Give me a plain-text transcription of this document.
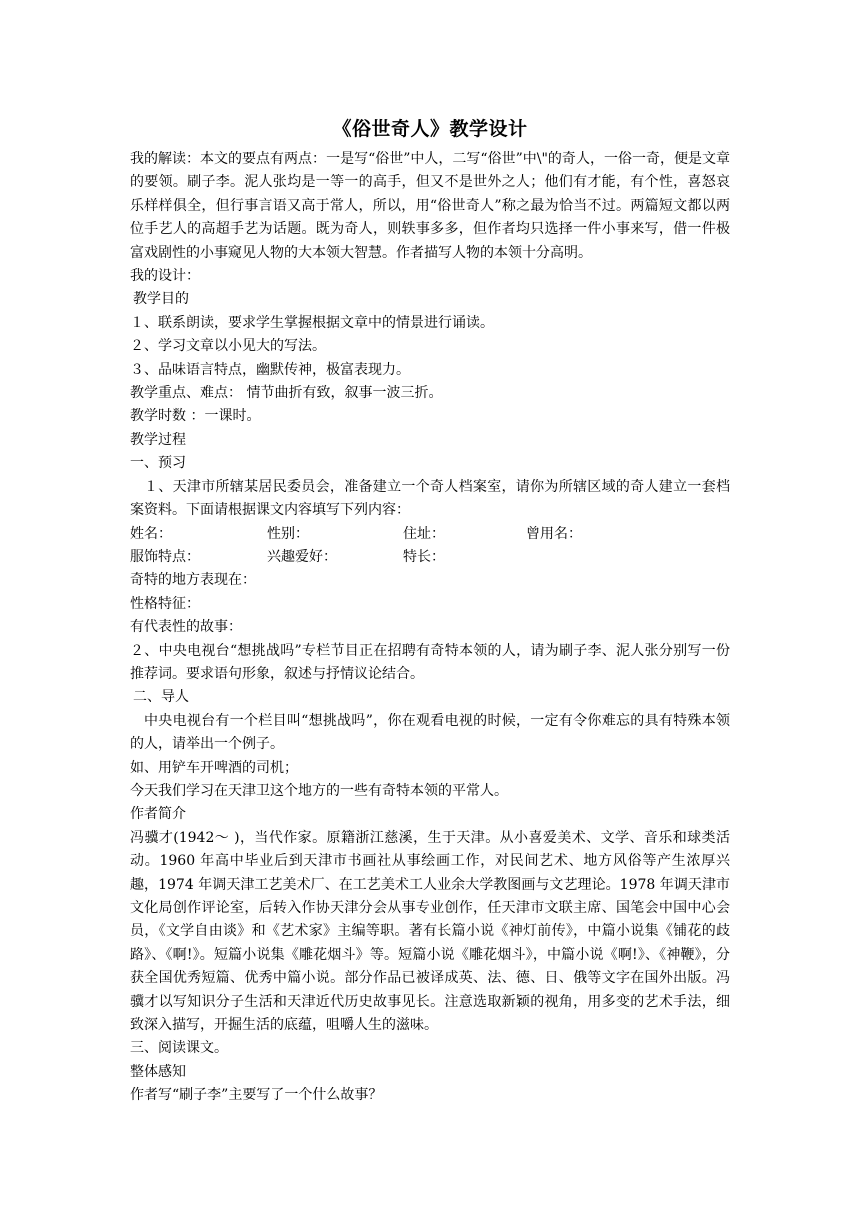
《俗世奇人》教学设计

我的解读：本文的要点有两点：一是写“俗世”中人，二写“俗世”中\"的奇人，一俗一奇，便是文章的要领。刷子李。泥人张均是一等一的高手，但又不是世外之人；他们有才能，有个性，喜怒哀乐样样俱全，但行事言语又高于常人，所以，用“俗世奇人”称之最为恰当不过。两篇短文都以两位手艺人的高超手艺为话题。既为奇人，则轶事多多，但作者均只选择一件小事来写，借一件极富戏剧性的小事窥见人物的大本领大智慧。作者描写人物的本领十分高明。

我的设计：

教学目的

１、联系朗读，要求学生掌握根据文章中的情景进行诵读。

２、学习文章以小见大的写法。

３、品味语言特点，幽默传神，极富表现力。

教学重点、难点： 情节曲折有致，叙事一波三折。

教学时数 ：一课时。

教学过程

一、预习

１、天津市所辖某居民委员会，准备建立一个奇人档案室，请你为所辖区域的奇人建立一套档案资料。下面请根据课文内容填写下列内容：

姓名：	性别：	住址：	曾用名：
服饰特点：	兴趣爱好：	特长：

奇特的地方表现在：

性格特征：

有代表性的故事：

２、中央电视台“想挑战吗”专栏节目正在招聘有奇特本领的人，请为刷子李、泥人张分别写一份推荐词。要求语句形象，叙述与抒情议论结合。

二、导人

中央电视台有一个栏目叫“想挑战吗”，你在观看电视的时候，一定有令你难忘的具有特殊本领的人，请举出一个例子。

如、用铲车开啤酒的司机；

今天我们学习在天津卫这个地方的一些有奇特本领的平常人。

作者简介

冯骥才(1942～ )，当代作家。原籍浙江慈溪，生于天津。从小喜爱美术、文学、音乐和球类活动。1960 年高中毕业后到天津市书画社从事绘画工作，对民间艺术、地方风俗等产生浓厚兴趣，1974 年调天津工艺美术厂、在工艺美术工人业余大学教图画与文艺理论。1978 年调天津市文化局创作评论室，后转入作协天津分会从事专业创作，任天津市文联主席、国笔会中国中心会员，《文学自由谈》和《艺术家》主编等职。著有长篇小说《神灯前传》，中篇小说集《铺花的歧路》、《啊!》。短篇小说集《雕花烟斗》等。短篇小说《雕花烟斗》，中篇小说《啊!》、《神鞭》，分获全国优秀短篇、优秀中篇小说。部分作品已被译成英、法、德、日、俄等文字在国外出版。冯骥才以写知识分子生活和天津近代历史故事见长。注意选取新颖的视角，用多变的艺术手法，细致深入描写，开掘生活的底蕴，咀嚼人生的滋味。

三、阅读课文。

整体感知

作者写“刷子李”主要写了一个什么故事？
